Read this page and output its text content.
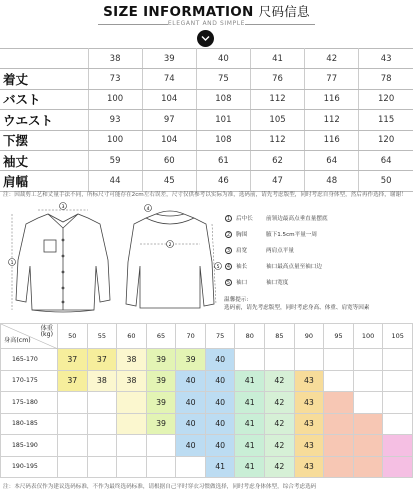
SIZE INFORMATION 尺码信息
ELEGANT AND SIMPLE
	38	39	40	41	42	43
着丈	73	74	75	76	77	78
バスト	100	104	108	112	116	120
ウエスト	93	97	101	105	112	115
下摆	100	104	108	112	116	120
袖丈	59	60	61	62	64	64
肩幅	44	45	46	47	48	50
注：因裁剪工艺和丈量手法不同，所标尺寸可能存在2cm左右误差，尺寸仅供参考以实际为准，选码前，请先考虑版型，同时考虑自身体型，然后再作选择，谢谢！
1
3	4
2
5
1	后中长	前领边最高点垂直量摆底
2	胸围	腋下1.5cm平量一周
3	肩宽	两肩点平量
4	袖长	袖口最高点量至袖口边
5	袖口	袖口宽度
温馨提示:
选码前，请先考虑版型，同时考虑身高、体重、肩宽等因素
体重
(kg)
身高(cm)	50	55	60	65	70	75	80	85	90	95	100	105
165-170	37	37	38	39	39	40						
170-175	37	38	38	39	40	40	41	42	43			
175-180				39	40	40	41	42	43			
180-185				39	40	40	41	42	43			
185-190					40	40	41	42	43			
190-195						41	41	42	43			
注：本尺码表仅作为建议选码标准，不作为最终选码标准，请根据自己平时穿衣习惯做选择，同时考虑身体体型，综合考虑选码
